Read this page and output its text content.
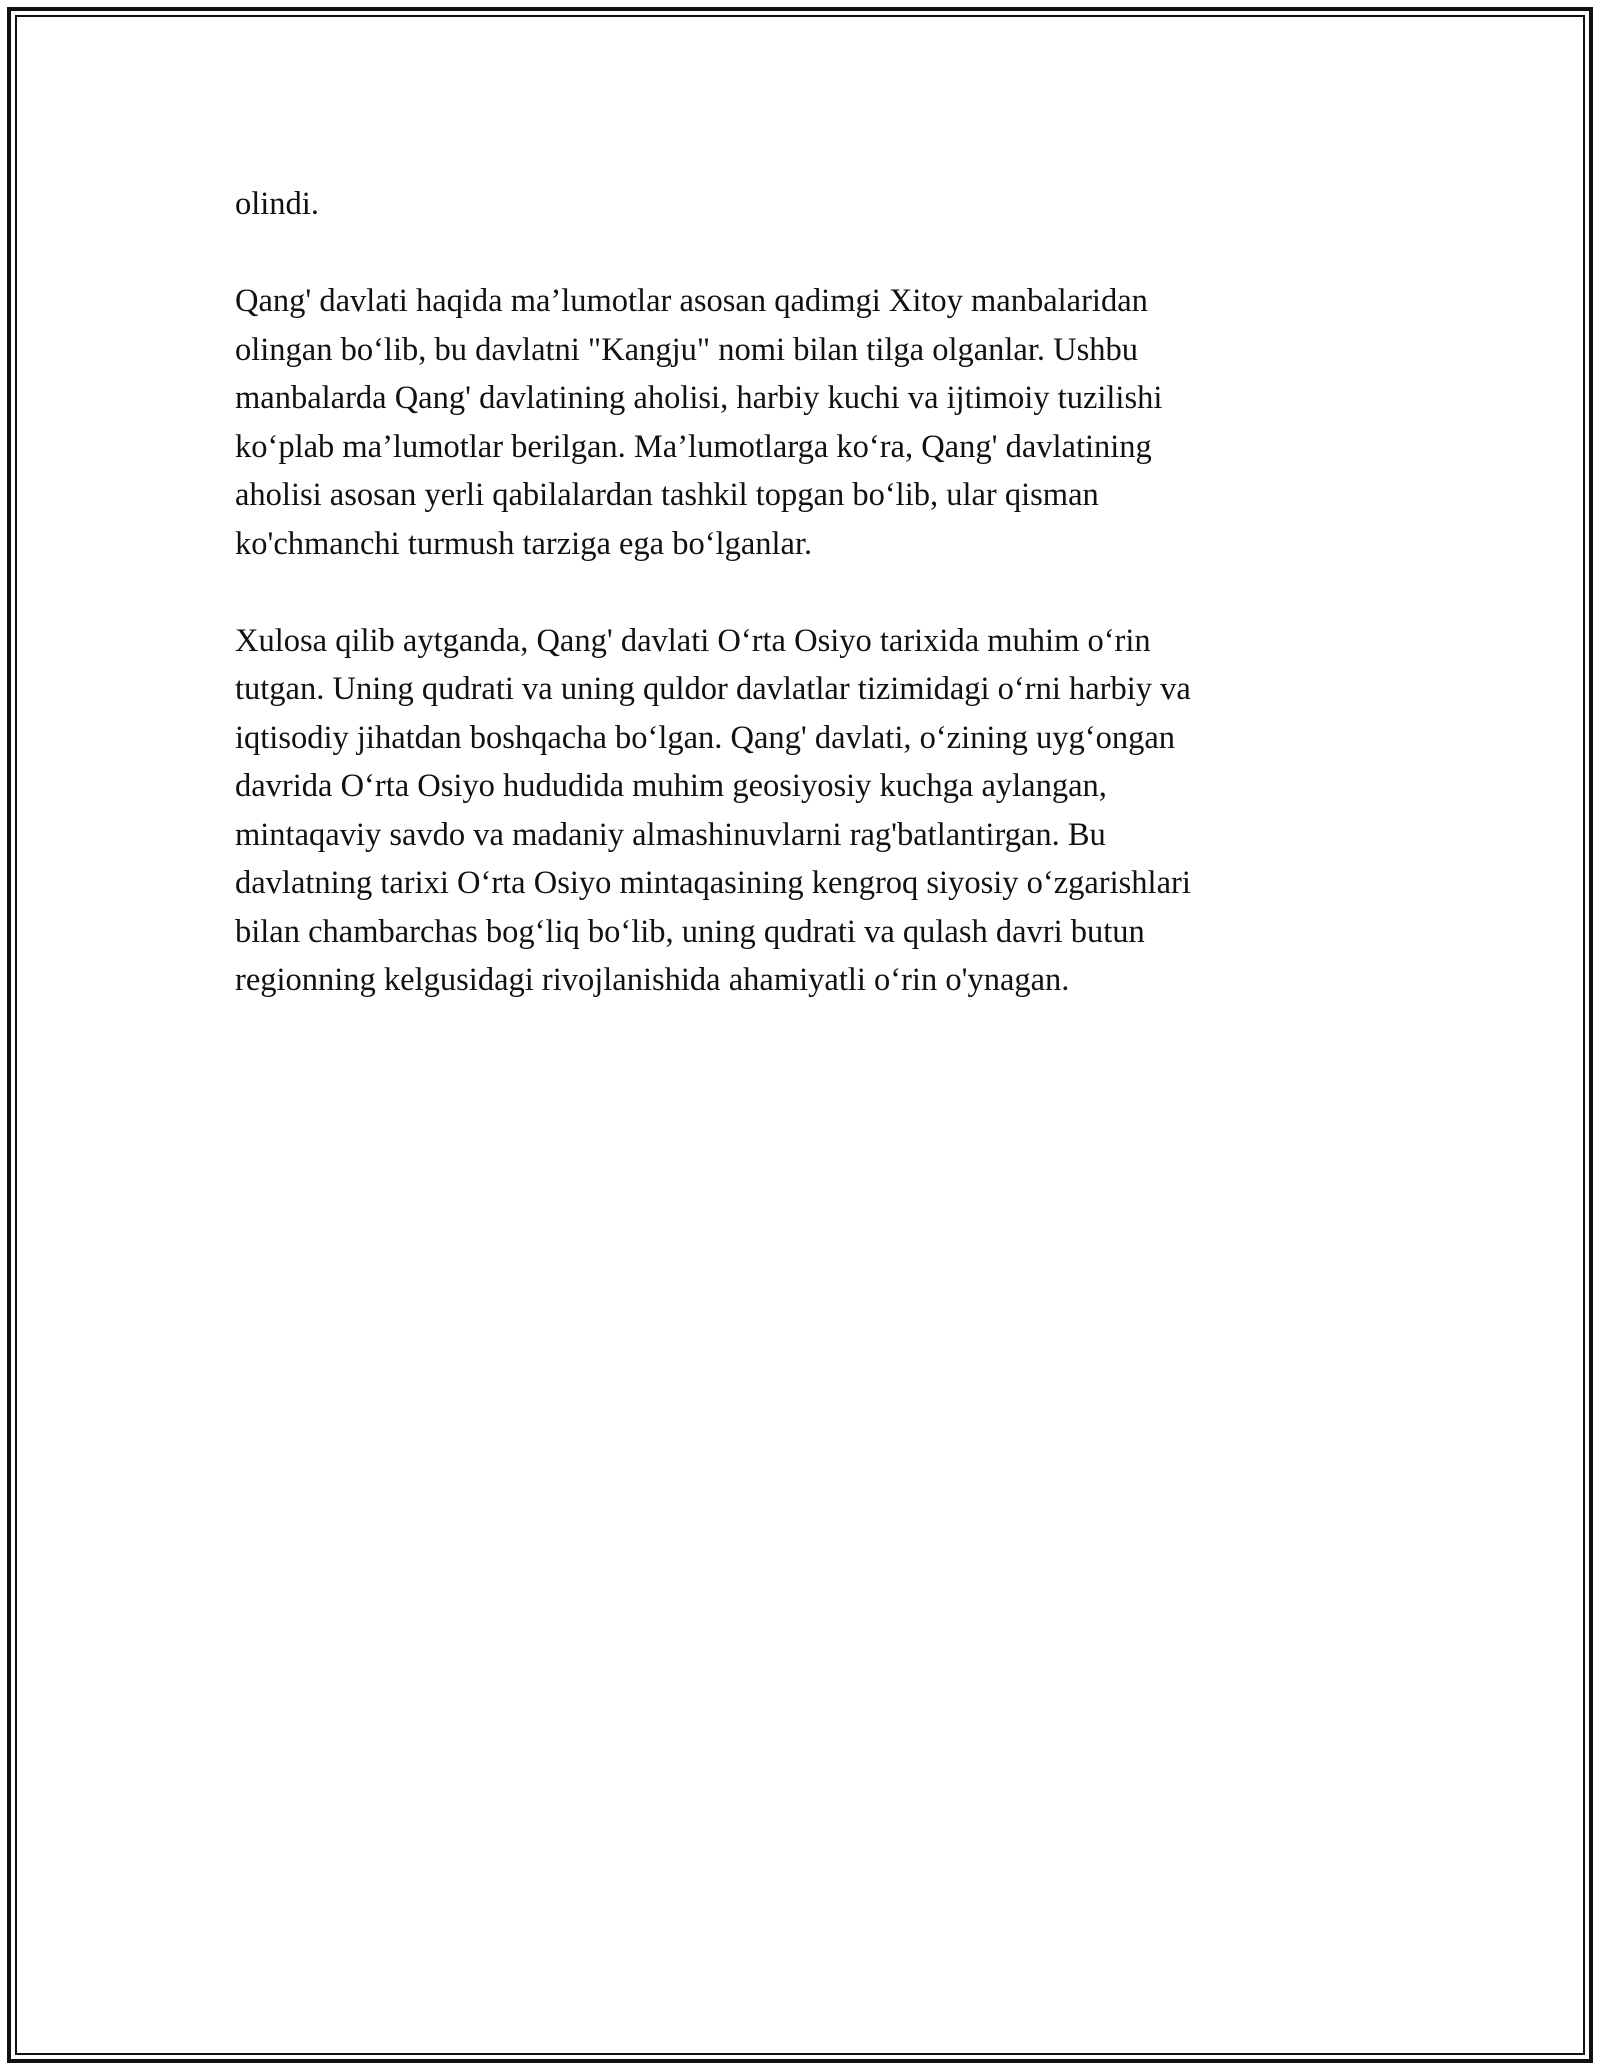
olindi.

Qang' davlati haqida ma’lumotlar asosan qadimgi Xitoy manbalaridan
olingan bo‘lib, bu davlatni "Kangju" nomi bilan tilga olganlar. Ushbu
manbalarda Qang' davlatining aholisi, harbiy kuchi va ijtimoiy tuzilishi
ko‘plab ma’lumotlar berilgan. Ma’lumotlarga ko‘ra, Qang' davlatining
aholisi asosan yerli qabilalardan tashkil topgan bo‘lib, ular qisman
ko'chmanchi turmush tarziga ega bo‘lganlar.

Xulosa qilib aytganda, Qang' davlati O‘rta Osiyo tarixida muhim o‘rin
tutgan. Uning qudrati va uning quldor davlatlar tizimidagi o‘rni harbiy va
iqtisodiy jihatdan boshqacha bo‘lgan. Qang' davlati, o‘zining uyg‘ongan
davrida O‘rta Osiyo hududida muhim geosiyosiy kuchga aylangan,
mintaqaviy savdo va madaniy almashinuvlarni rag'batlantirgan. Bu
davlatning tarixi O‘rta Osiyo mintaqasining kengroq siyosiy o‘zgarishlari
bilan chambarchas bog‘liq bo‘lib, uning qudrati va qulash davri butun
regionning kelgusidagi rivojlanishida ahamiyatli o‘rin o'ynagan.
